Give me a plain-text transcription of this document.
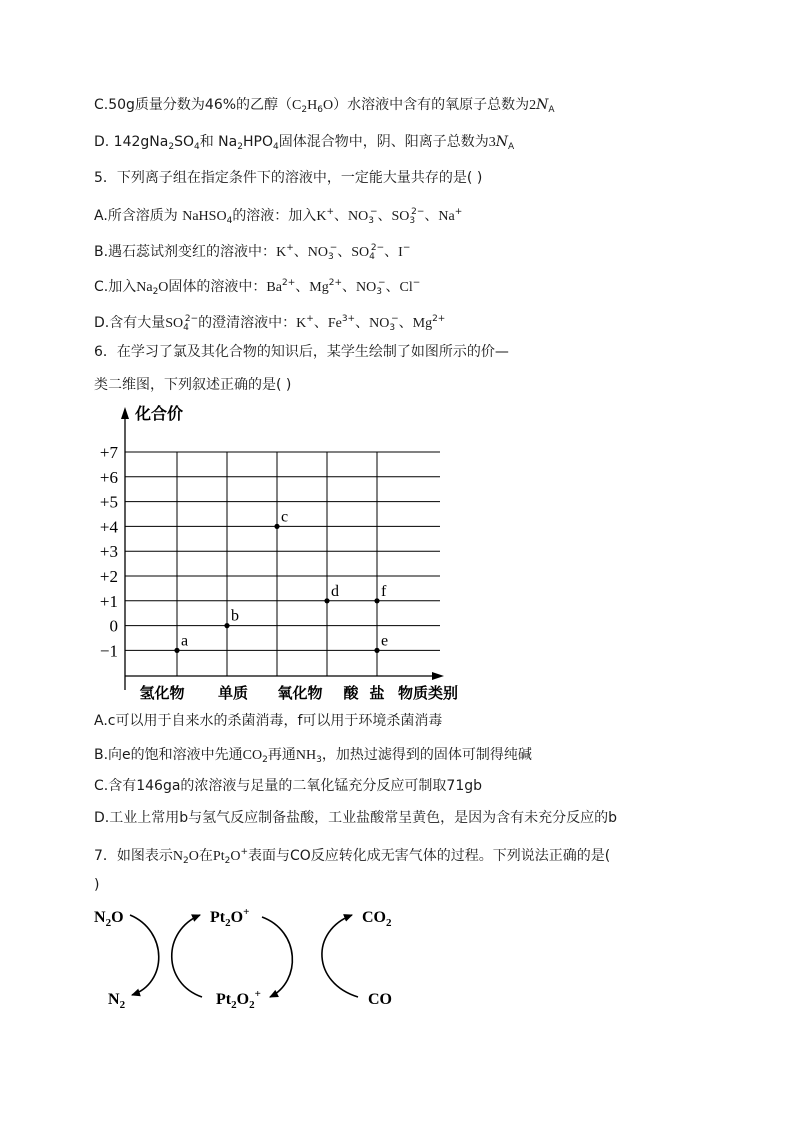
C.50g质量分数为46%的乙醇$(C_2H_6O)$水溶液中含有的氧原子总数为$2N_A$
D. $142gNa_2SO_4$和 $Na_2HPO_4$固体混合物中，阴、阳离子总数为$3N_A$
5．下列离子组在指定条件下的溶液中，一定能大量共存的是( )
A.所含溶质为 NaHSO$_4$的溶液：加入K+、$NO_3^-$、$SO_3^{2-}$、Na+
B.遇石蕊试剂变红的溶液中：K+、$NO_3^-$、$SO_4^{2-}$、I−
C.加入$Na_2O$固体的溶液中：$Ba^{2+}$、$Mg^{2+}$、$NO_3^-$、Cl−
D.含有大量$SO_4^{2-}$的澄清溶液中：K+、$Fe^{3+}$、$NO_3^-$、$Mg^{2+}$
6．在学习了氯及其化合物的知识后，某学生绘制了如图所示的价—
类二维图，下列叙述正确的是( )
化合价
物质类别
+7
+6
+5
+4
+3
+2
+1
0
−1
氢化物 单质 氧化物 酸 盐
a
b
c
d	f
e
A.c可以用于自来水的杀菌消毒，f可以用于环境杀菌消毒
B.向e的饱和溶液中先通$CO_2$再通$NH_3$，加热过滤得到的固体可制得纯碱
C.含有146ga的浓溶液与足量的二氧化锰充分反应可制取71gb
D.工业上常用b与氢气反应制备盐酸，工业盐酸常呈黄色，是因为含有未充分反应的b
7．如图表示$N_2O$在$Pt_2O^+$表面与CO反应转化成无害气体的过程。下列说法正确的是(
)
$N_2O$
$N_2$
$Pt_2O^+$
$Pt_2O_2^+$
$CO_2$
CO
